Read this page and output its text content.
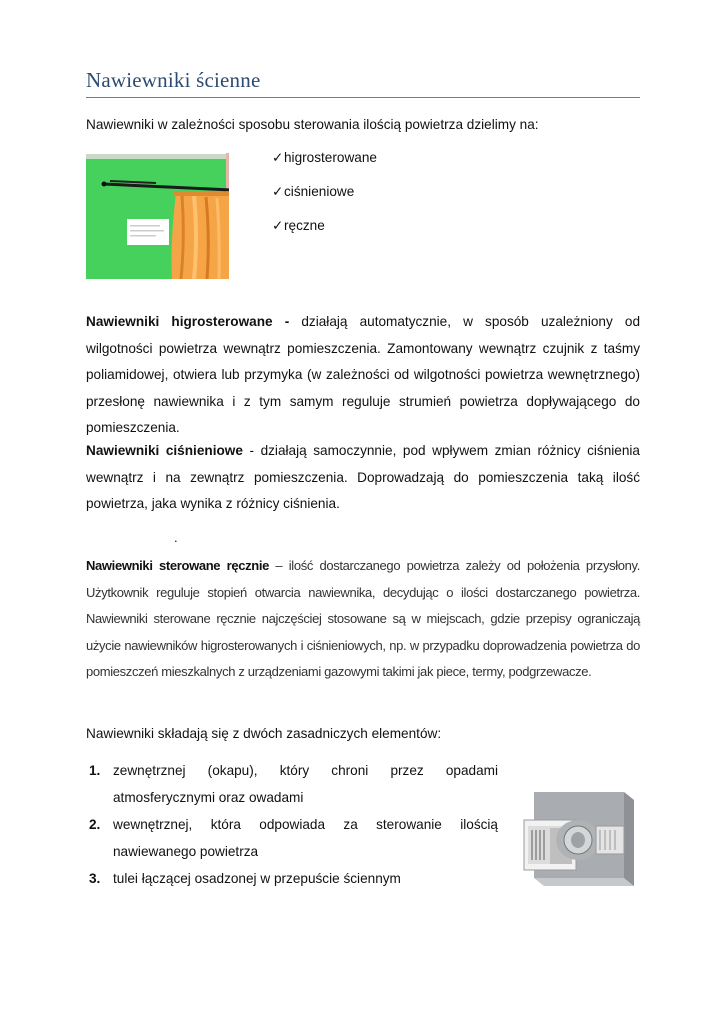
Nawiewniki ścienne
Nawiewniki w zależności sposobu sterowania ilością powietrza dzielimy na:
✓higrosterowane
✓ciśnieniowe
✓ręczne
Nawiewniki higrosterowane - działają automatycznie, w sposób uzależniony od wilgotności powietrza wewnątrz pomieszczenia. Zamontowany wewnątrz czujnik z taśmy poliamidowej, otwiera lub przymyka (w zależności od wilgotności powietrza wewnętrznego) przesłonę nawiewnika i z tym samym reguluje strumień powietrza dopływającego do pomieszczenia.
Nawiewniki ciśnieniowe - działają samoczynnie, pod wpływem zmian różnicy ciśnienia wewnątrz i na zewnątrz pomieszczenia. Doprowadzają do pomieszczenia taką ilość powietrza, jaka wynika z różnicy ciśnienia.
.
Nawiewniki sterowane ręcznie – ilość dostarczanego powietrza zależy od położenia przysłony. Użytkownik reguluje stopień otwarcia nawiewnika, decydując o ilości dostarczanego powietrza. Nawiewniki sterowane ręcznie najczęściej stosowane są w miejscach, gdzie przepisy ograniczają użycie nawiewników higrosterowanych i ciśnieniowych, np. w przypadku doprowadzenia powietrza do pomieszczeń mieszkalnych z urządzeniami gazowymi takimi jak piece, termy, podgrzewacze.
Nawiewniki składają się z dwóch zasadniczych elementów:
1. zewnętrznej (okapu), który chroni przez opadami atmosferycznymi oraz owadami
2. wewnętrznej, która odpowiada za sterowanie ilością nawiewanego powietrza
3. tulei łączącej osadzonej w przepuście ściennym
